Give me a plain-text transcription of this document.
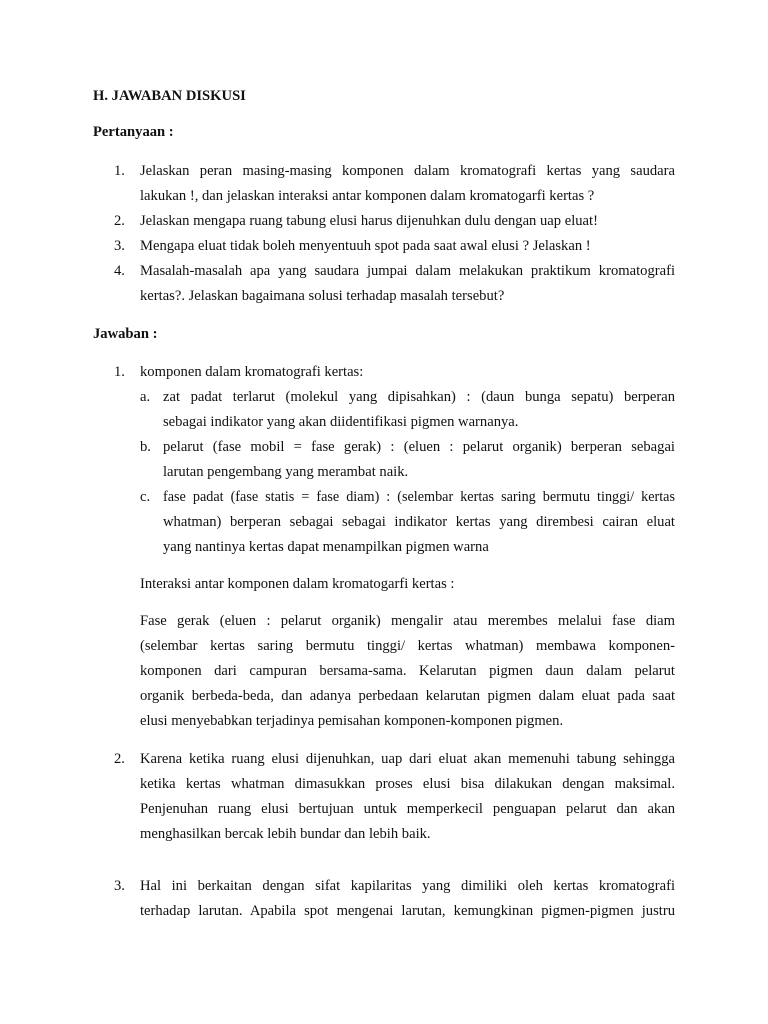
H. JAWABAN DISKUSI
Pertanyaan :
1. Jelaskan peran masing-masing komponen dalam kromatografi kertas yang saudara
lakukan !, dan jelaskan interaksi antar komponen dalam kromatogarfi kertas ?
2. Jelaskan mengapa ruang tabung elusi harus dijenuhkan dulu dengan uap eluat!
3. Mengapa eluat tidak boleh menyentuuh spot pada saat awal elusi ? Jelaskan !
4. Masalah-masalah apa yang saudara jumpai dalam melakukan praktikum kromatografi
kertas?. Jelaskan bagaimana solusi terhadap masalah tersebut?
Jawaban :
1. komponen dalam kromatografi kertas:
a. zat padat terlarut (molekul yang dipisahkan) : (daun bunga sepatu) berperan
sebagai indikator yang akan diidentifikasi pigmen warnanya.
b. pelarut (fase mobil = fase gerak) : (eluen : pelarut organik) berperan sebagai
larutan pengembang yang merambat naik.
c. fase padat (fase statis = fase diam) : (selembar kertas saring bermutu tinggi/ kertas
whatman) berperan sebagai sebagai indikator kertas yang dirembesi cairan eluat
yang nantinya kertas dapat menampilkan pigmen warna
Interaksi antar komponen dalam kromatogarfi kertas :
Fase gerak (eluen : pelarut organik) mengalir atau merembes melalui fase diam
(selembar kertas saring bermutu tinggi/ kertas whatman) membawa komponen-
komponen dari campuran bersama-sama. Kelarutan pigmen daun dalam pelarut
organik berbeda-beda, dan adanya perbedaan kelarutan pigmen dalam eluat pada saat
elusi menyebabkan terjadinya pemisahan komponen-komponen pigmen.
2. Karena ketika ruang elusi dijenuhkan, uap dari eluat akan memenuhi tabung sehingga
ketika kertas whatman dimasukkan proses elusi bisa dilakukan dengan maksimal.
Penjenuhan ruang elusi bertujuan untuk memperkecil penguapan pelarut dan akan
menghasilkan bercak lebih bundar dan lebih baik.
3. Hal ini berkaitan dengan sifat kapilaritas yang dimiliki oleh kertas kromatografi
terhadap larutan. Apabila spot mengenai larutan, kemungkinan pigmen-pigmen justru
